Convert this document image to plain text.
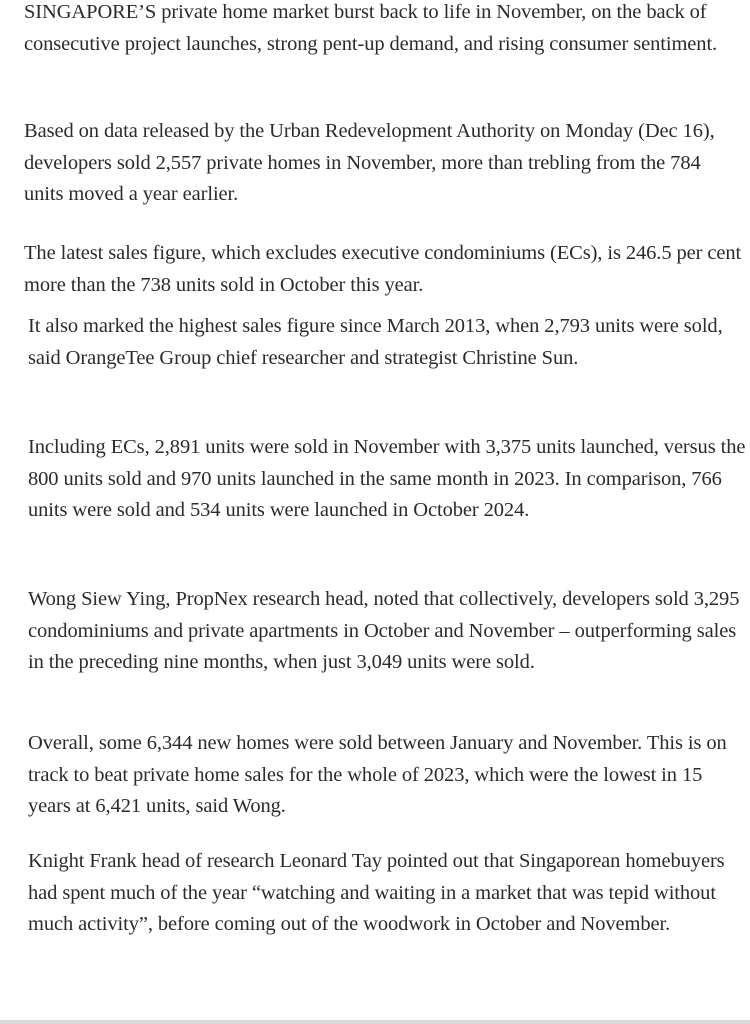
SINGAPORE’S private home market burst back to life in November, on the back of consecutive project launches, strong pent-up demand, and rising consumer sentiment.

Based on data released by the Urban Redevelopment Authority on Monday (Dec 16), developers sold 2,557 private homes in November, more than trebling from the 784 units moved a year earlier.

The latest sales figure, which excludes executive condominiums (ECs), is 246.5 per cent more than the 738 units sold in October this year.

It also marked the highest sales figure since March 2013, when 2,793 units were sold, said OrangeTee Group chief researcher and strategist Christine Sun.

Including ECs, 2,891 units were sold in November with 3,375 units launched, versus the 800 units sold and 970 units launched in the same month in 2023. In comparison, 766 units were sold and 534 units were launched in October 2024.

Wong Siew Ying, PropNex research head, noted that collectively, developers sold 3,295 condominiums and private apartments in October and November – outperforming sales in the preceding nine months, when just 3,049 units were sold.

Overall, some 6,344 new homes were sold between January and November. This is on track to beat private home sales for the whole of 2023, which were the lowest in 15 years at 6,421 units, said Wong.

Knight Frank head of research Leonard Tay pointed out that Singaporean homebuyers had spent much of the year “watching and waiting in a market that was tepid without much activity”, before coming out of the woodwork in October and November.
